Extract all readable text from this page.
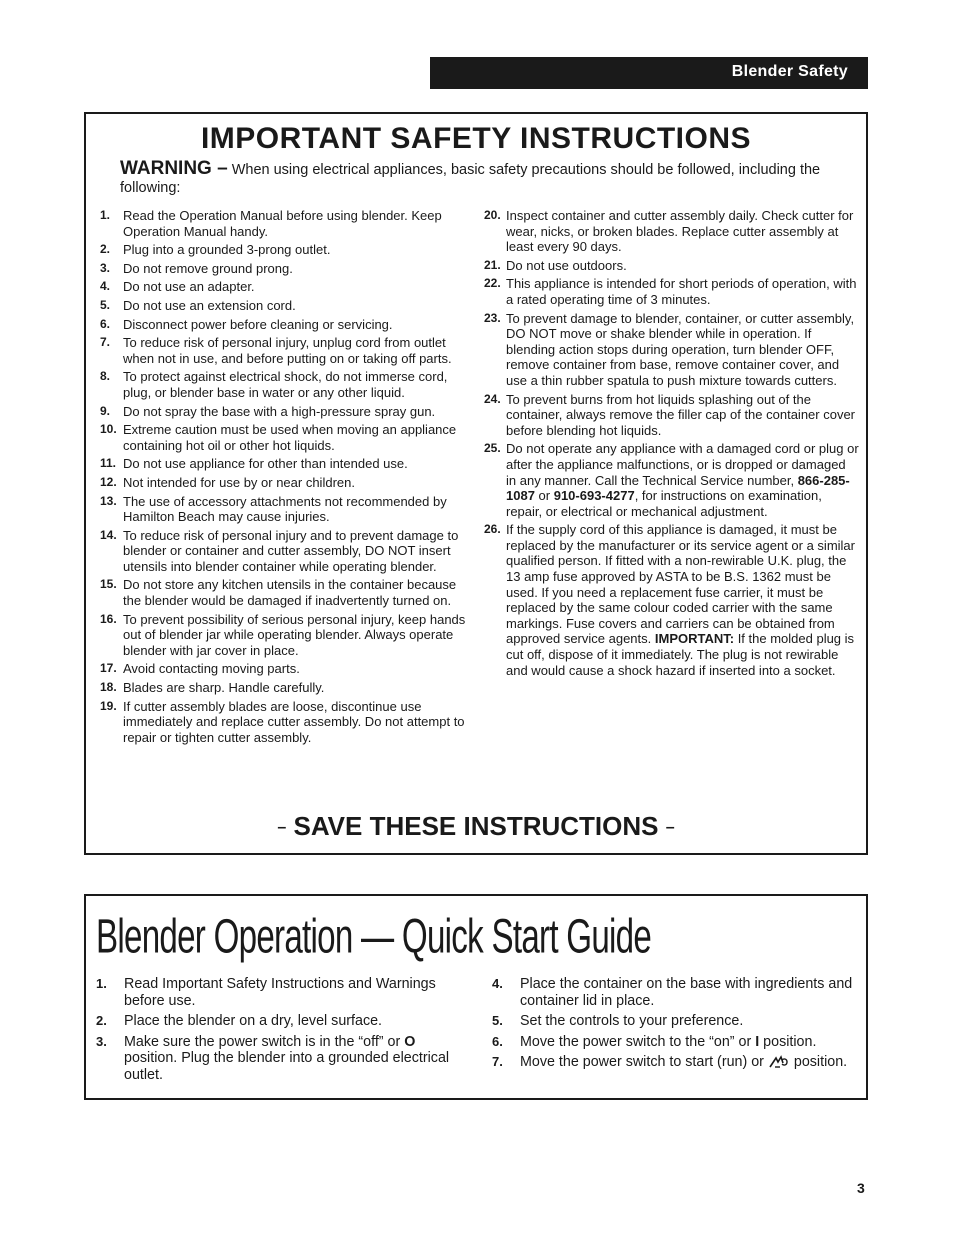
Blender Safety
IMPORTANT SAFETY INSTRUCTIONS
WARNING – When using electrical appliances, basic safety precautions should be followed, including the following:
1. Read the Operation Manual before using blender. Keep Operation Manual handy.
2. Plug into a grounded 3-prong outlet.
3. Do not remove ground prong.
4. Do not use an adapter.
5. Do not use an extension cord.
6. Disconnect power before cleaning or servicing.
7. To reduce risk of personal injury, unplug cord from outlet when not in use, and before putting on or taking off parts.
8. To protect against electrical shock, do not immerse cord, plug, or blender base in water or any other liquid.
9. Do not spray the base with a high-pressure spray gun.
10. Extreme caution must be used when moving an appliance containing hot oil or other hot liquids.
11. Do not use appliance for other than intended use.
12. Not intended for use by or near children.
13. The use of accessory attachments not recommended by Hamilton Beach may cause injuries.
14. To reduce risk of personal injury and to prevent damage to blender or container and cutter assembly, DO NOT insert utensils into blender container while operating blender.
15. Do not store any kitchen utensils in the container because the blender would be damaged if inadvertently turned on.
16. To prevent possibility of serious personal injury, keep hands out of blender jar while operating blender. Always operate blender with jar cover in place.
17. Avoid contacting moving parts.
18. Blades are sharp. Handle carefully.
19. If cutter assembly blades are loose, discontinue use immediately and replace cutter assembly. Do not attempt to repair or tighten cutter assembly.
20. Inspect container and cutter assembly daily. Check cutter for wear, nicks, or broken blades. Replace cutter assembly at least every 90 days.
21. Do not use outdoors.
22. This appliance is intended for short periods of operation, with a rated operating time of 3 minutes.
23. To prevent damage to blender, container, or cutter assembly, DO NOT move or shake blender while in operation. If blending action stops during operation, turn blender OFF, remove container from base, remove container cover, and use a thin rubber spatula to push mixture towards cutters.
24. To prevent burns from hot liquids splashing out of the container, always remove the filler cap of the container cover before blending hot liquids.
25. Do not operate any appliance with a damaged cord or plug or after the appliance malfunctions, or is dropped or damaged in any manner. Call the Technical Service number, 866-285-1087 or 910-693-4277, for instructions on examination, repair, or electrical or mechanical adjustment.
26. If the supply cord of this appliance is damaged, it must be replaced by the manufacturer or its service agent or a similar qualified person. If fitted with a non-rewirable U.K. plug, the 13 amp fuse approved by ASTA to be B.S. 1362 must be used. If you need a replacement fuse carrier, it must be replaced by the same colour coded carrier with the same markings. Fuse covers and carriers can be obtained from approved service agents. IMPORTANT: If the molded plug is cut off, dispose of it immediately. The plug is not rewirable and would cause a shock hazard if inserted into a socket.
– SAVE THESE INSTRUCTIONS –
Blender Operation — Quick Start Guide
1. Read Important Safety Instructions and Warnings before use.
2. Place the blender on a dry, level surface.
3. Make sure the power switch is in the “off” or O position. Plug the blender into a grounded electrical outlet.
4. Place the container on the base with ingredients and container lid in place.
5. Set the controls to your preference.
6. Move the power switch to the “on” or I position.
7. Move the power switch to start (run) or  position.
3
